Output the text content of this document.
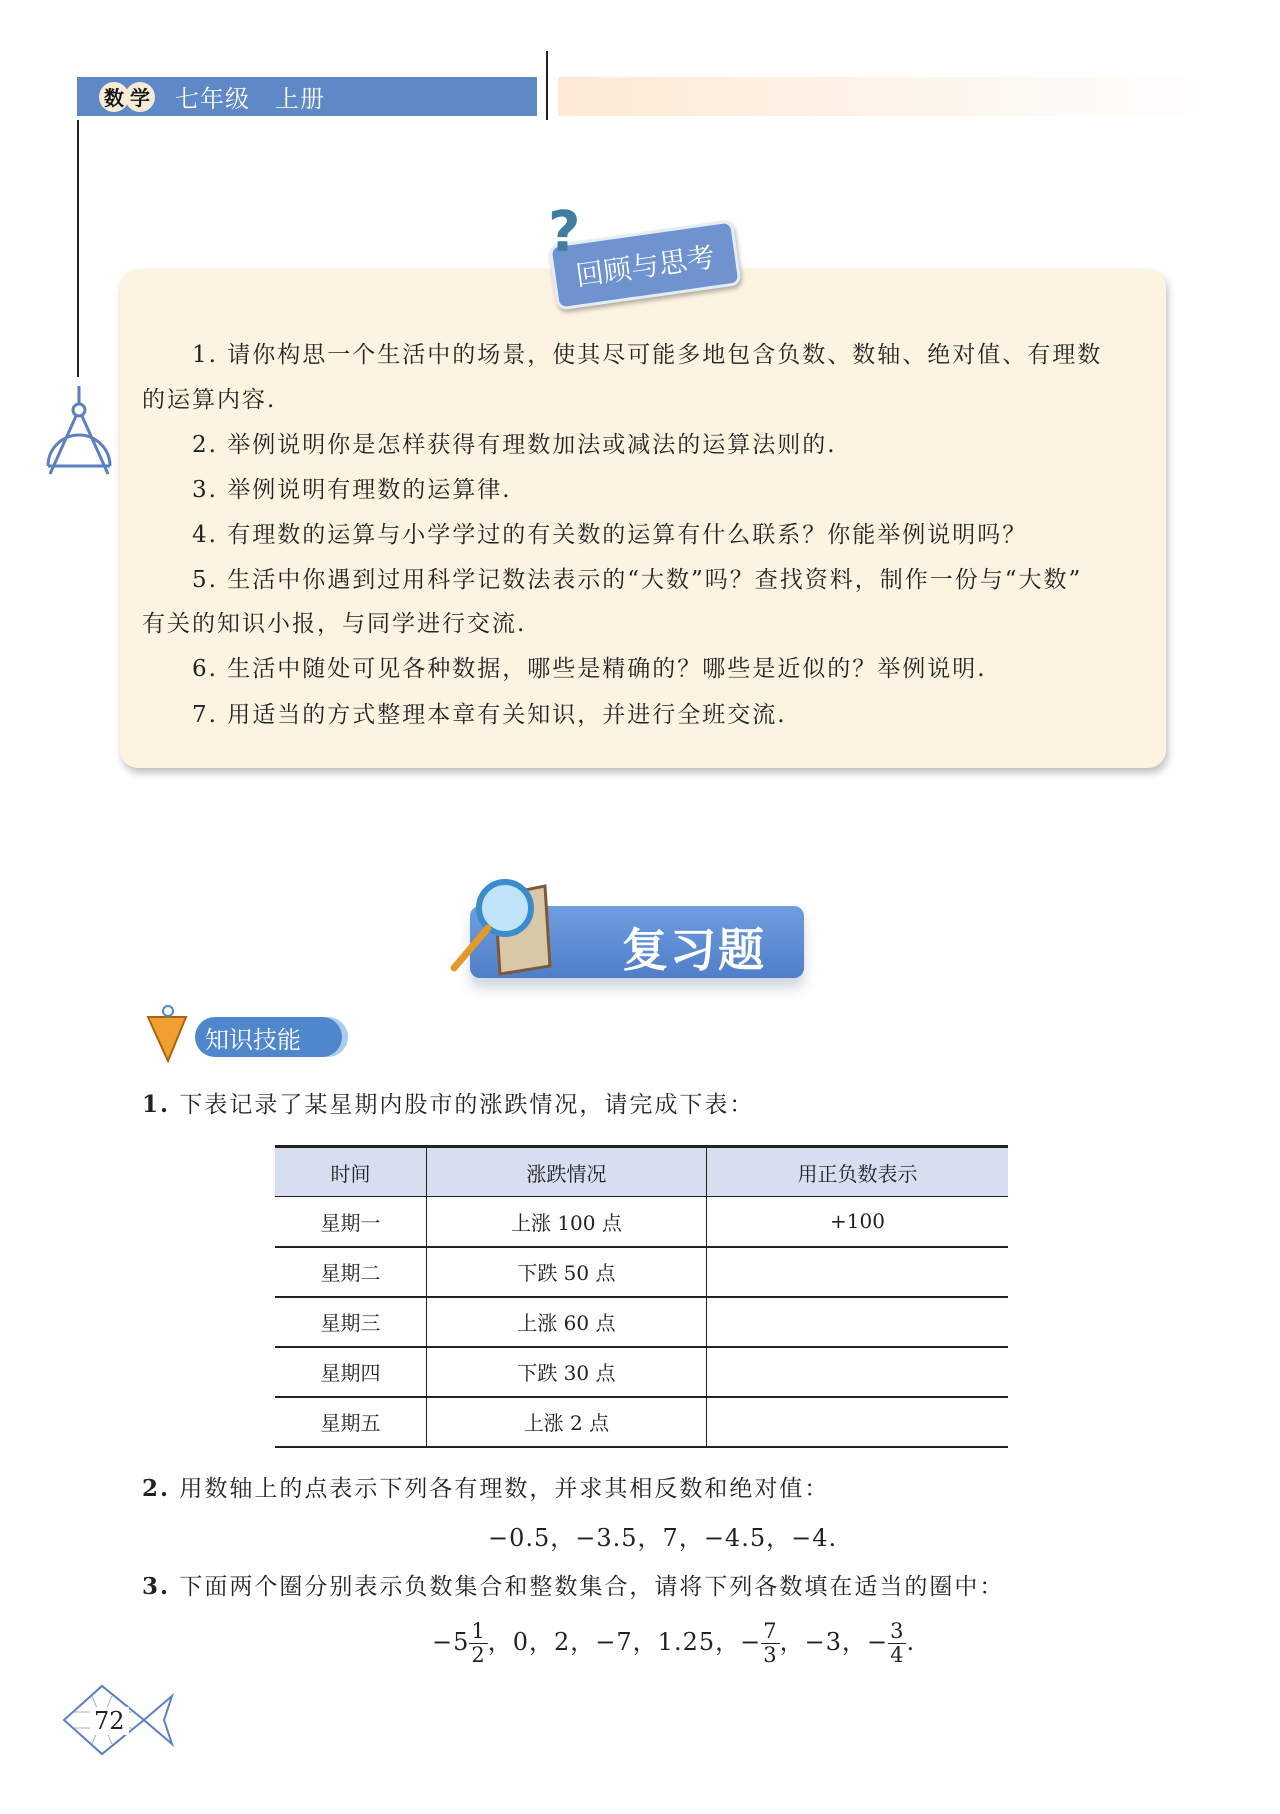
数 学 七年级　上册
回顾与思考
?
1. 请你构思一个生活中的场景，使其尽可能多地包含负数、数轴、绝对值、有理数
的运算内容.
2. 举例说明你是怎样获得有理数加法或减法的运算法则的.
3. 举例说明有理数的运算律.
4. 有理数的运算与小学学过的有关数的运算有什么联系？你能举例说明吗？
5. 生活中你遇到过用科学记数法表示的“大数”吗？查找资料，制作一份与“大数”
有关的知识小报，与同学进行交流.
6. 生活中随处可见各种数据，哪些是精确的？哪些是近似的？举例说明.
7. 用适当的方式整理本章有关知识，并进行全班交流.
复习题
知识技能
1. 下表记录了某星期内股市的涨跌情况，请完成下表：
时间	涨跌情况	用正负数表示
星期一	上涨 100 点	+100
星期二	下跌 50 点	
星期三	上涨 60 点	
星期四	下跌 30 点	
星期五	上涨 2 点	
2. 用数轴上的点表示下列各有理数，并求其相反数和绝对值：
−0.5，−3.5，7，−4.5，−4.
3. 下面两个圈分别表示负数集合和整数集合，请将下列各数填在适当的圈中：
$-5 \frac{1}{2}$ ，0，2，−7，1.25，− $\frac{7}{3}$ ，−3，− $\frac{3}{4}$ .
72
